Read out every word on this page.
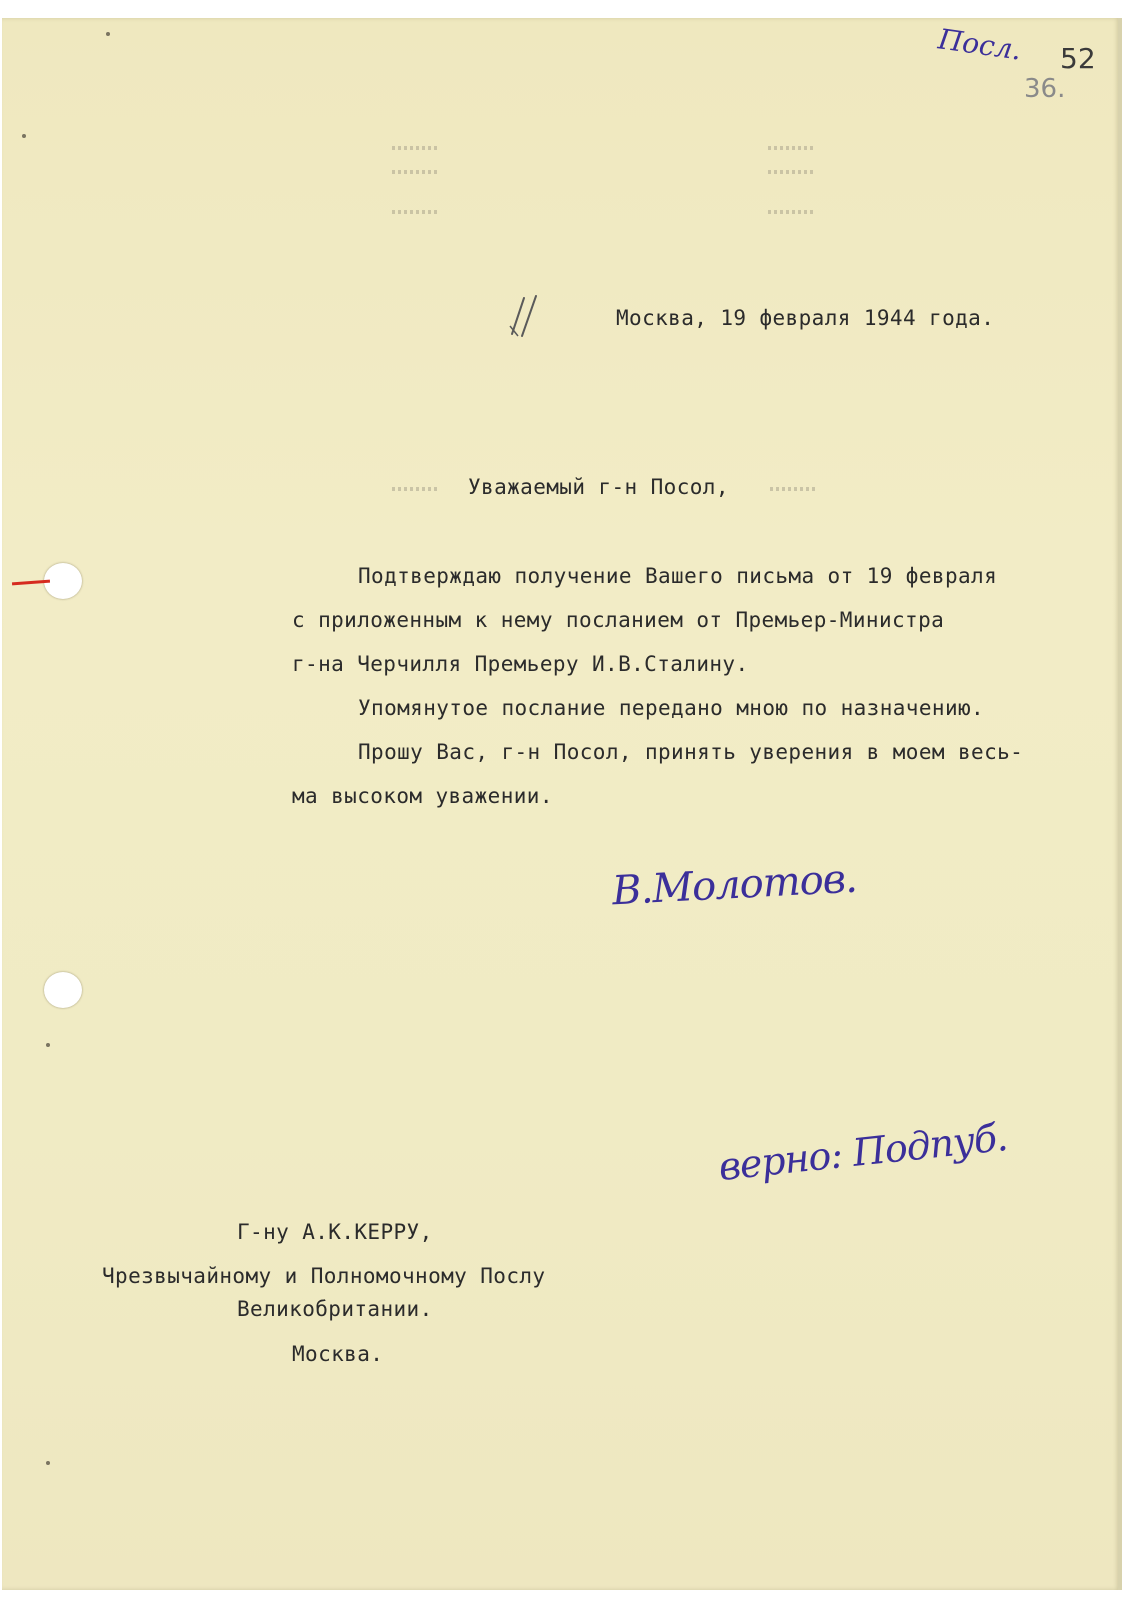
Посл. 52
36.
Москва, 19 февраля 1944 года.
Уважаемый г-н Посол,
Подтверждаю получение Вашего письма от 19 февраля
с приложенным к нему посланием от Премьер-Министра
г-на Черчилля Премьеру И.В.Сталину.
Упомянутое послание передано мною по назначению.
Прошу Вас, г-н Посол, принять уверения в моем весь-
ма высоком уважении.
В.Молотов.
верно: Подпуб.
Г-ну А.К.КЕРРУ,
Чрезвычайному и Полномочному Послу
Великобритании.
Москва.
